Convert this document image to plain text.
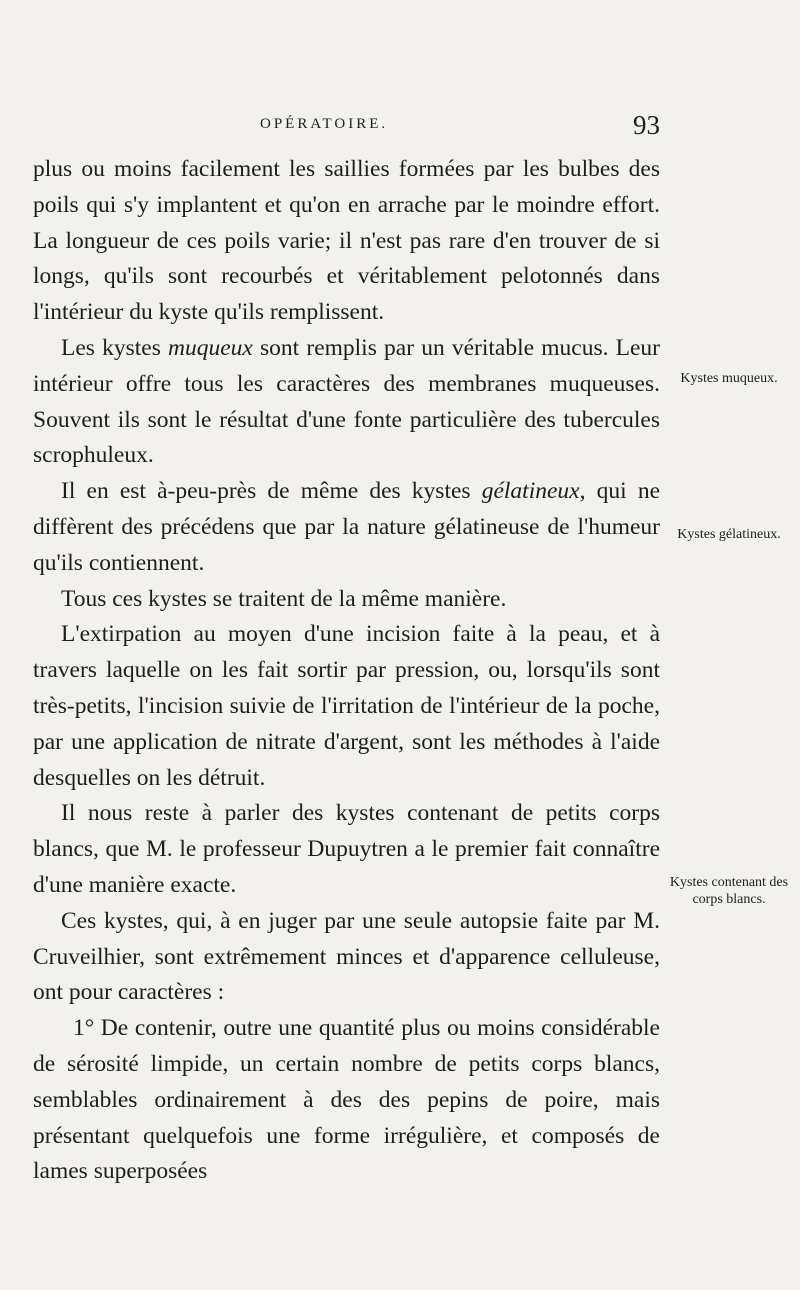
OPÉRATOIRE.	93

plus ou moins facilement les saillies formées par les bulbes des poils qui s'y implantent et qu'on en arrache par le moindre effort. La longueur de ces poils varie; il n'est pas rare d'en trouver de si longs, qu'ils sont recourbés et véritablement pelotonnés dans l'intérieur du kyste qu'ils remplissent.

Les kystes muqueux sont remplis par un véritable mucus. Leur intérieur offre tous les caractères des membranes muqueuses. Souvent ils sont le résultat d'une fonte particulière des tubercules scrophuleux.

Il en est à-peu-près de même des kystes gélatineux, qui ne diffèrent des précédens que par la nature gélatineuse de l'humeur qu'ils contiennent.

Tous ces kystes se traitent de la même manière.

L'extirpation au moyen d'une incision faite à la peau, et à travers laquelle on les fait sortir par pression, ou, lorsqu'ils sont très-petits, l'incision suivie de l'irritation de l'intérieur de la poche, par une application de nitrate d'argent, sont les méthodes à l'aide desquelles on les détruit.

Il nous reste à parler des kystes contenant de petits corps blancs, que M. le professeur Dupuytren a le premier fait connaître d'une manière exacte.

Ces kystes, qui, à en juger par une seule autopsie faite par M. Cruveilhier, sont extrêmement minces et d'apparence celluleuse, ont pour caractères :

1° De contenir, outre une quantité plus ou moins considérable de sérosité limpide, un certain nombre de petits corps blancs, semblables ordinairement à des des pepins de poire, mais présentant quelquefois une forme irrégulière, et composés de lames superposées

Kystes muqueux.
Kystes gélatineux.
Kystes contenant des corps blancs.
